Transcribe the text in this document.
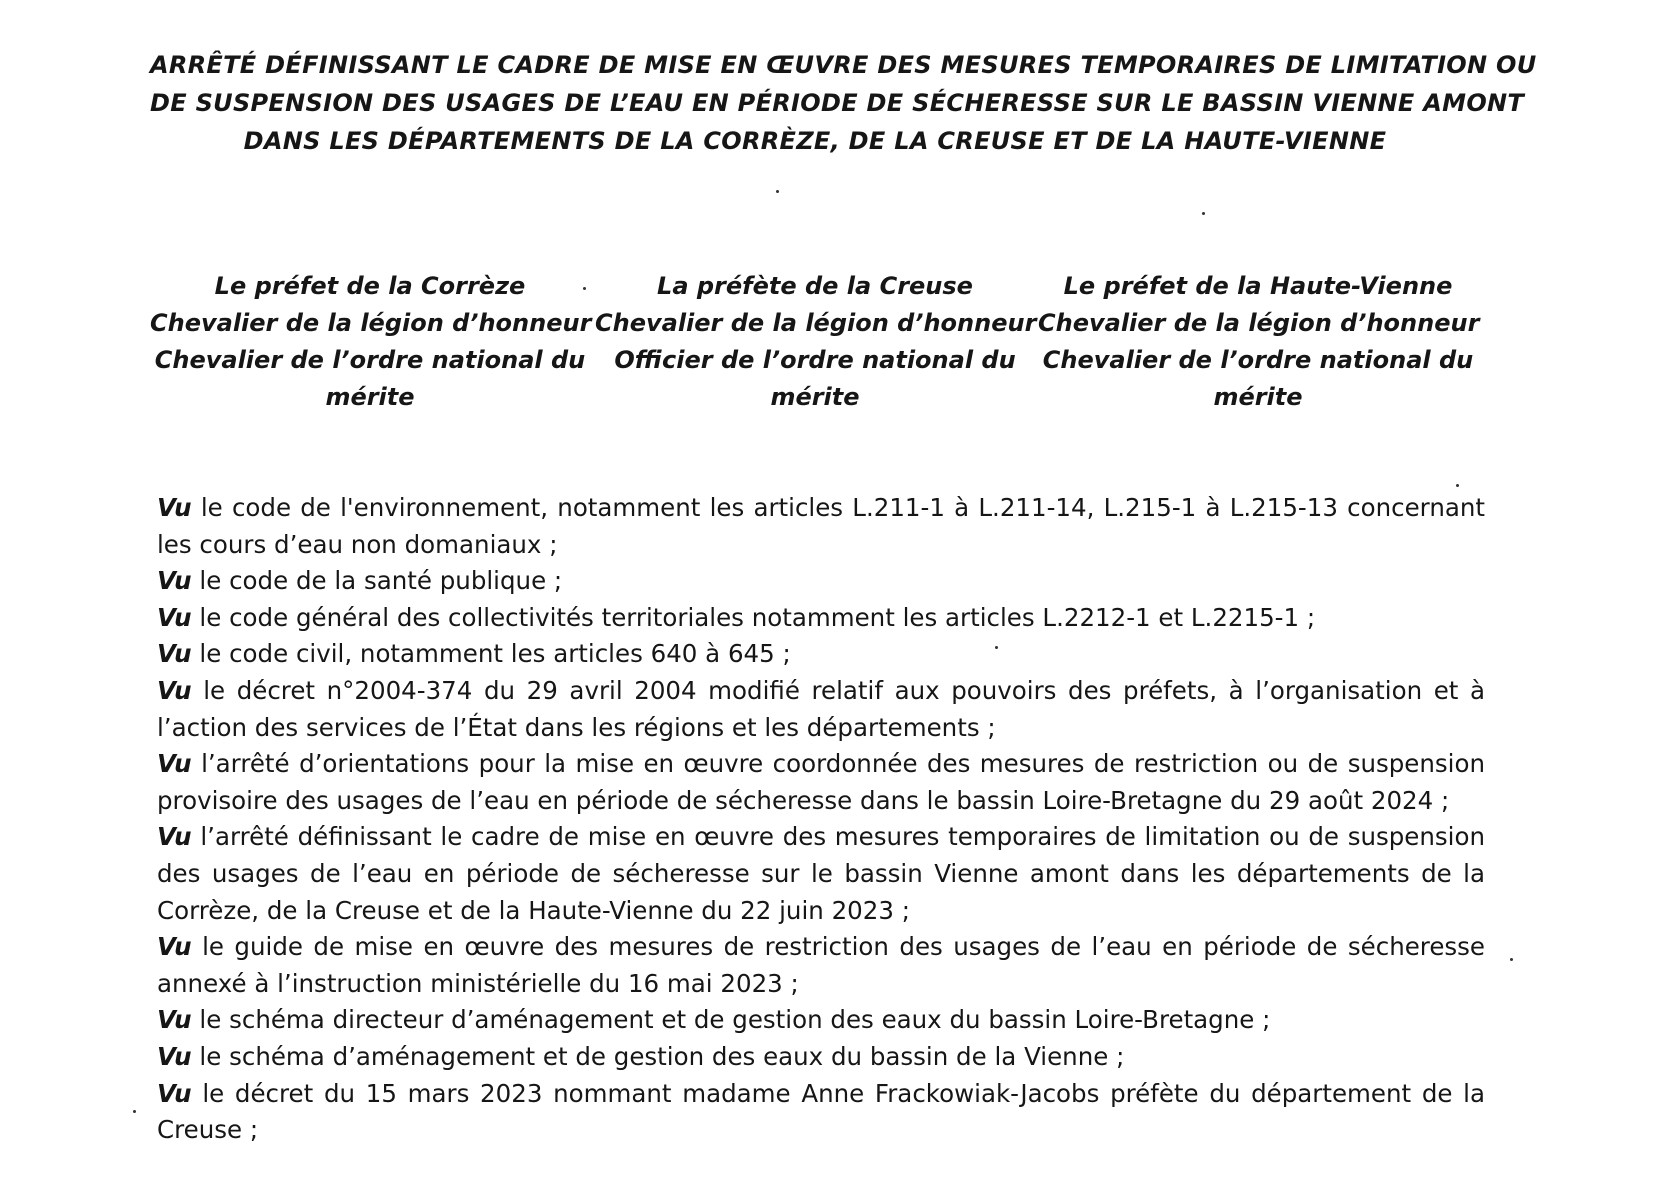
ARRÊTÉ DÉFINISSANT LE CADRE DE MISE EN ŒUVRE DES MESURES TEMPORAIRES DE LIMITATION OU
DE SUSPENSION DES USAGES DE L’EAU EN PÉRIODE DE SÉCHERESSE SUR LE BASSIN VIENNE AMONT
DANS LES DÉPARTEMENTS DE LA CORRÈZE, DE LA CREUSE ET DE LA HAUTE-VIENNE
Le préfet de la Corrèze
Chevalier de la légion d’honneur
Chevalier de l’ordre national du
mérite
La préfète de la Creuse
Chevalier de la légion d’honneur
Officier de l’ordre national du
mérite
Le préfet de la Haute-Vienne
Chevalier de la légion d’honneur
Chevalier de l’ordre national du
mérite

Vu le code de l'environnement, notamment les articles L.211-1 à L.211-14, L.215-1 à L.215-13 concernant les cours d’eau non domaniaux ;

Vu le code de la santé publique ;

Vu le code général des collectivités territoriales notamment les articles L.2212-1 et L.2215-1 ;

Vu le code civil, notamment les articles 640 à 645 ;

Vu le décret n°2004-374 du 29 avril 2004 modifié relatif aux pouvoirs des préfets, à l’organisation et à l’action des services de l’État dans les régions et les départements ;

Vu l’arrêté d’orientations pour la mise en œuvre coordonnée des mesures de restriction ou de suspension provisoire des usages de l’eau en période de sécheresse dans le bassin Loire-Bretagne du 29 août 2024 ;

Vu l’arrêté définissant le cadre de mise en œuvre des mesures temporaires de limitation ou de suspension des usages de l’eau en période de sécheresse sur le bassin Vienne amont dans les départements de la Corrèze, de la Creuse et de la Haute-Vienne du 22 juin 2023 ;

Vu le guide de mise en œuvre des mesures de restriction des usages de l’eau en période de sécheresse annexé à l’instruction ministérielle du 16 mai 2023 ;

Vu le schéma directeur d’aménagement et de gestion des eaux du bassin Loire-Bretagne ;

Vu le schéma d’aménagement et de gestion des eaux du bassin de la Vienne ;

Vu le décret du 15 mars 2023 nommant madame Anne Frackowiak-Jacobs préfète du département de la Creuse ;
